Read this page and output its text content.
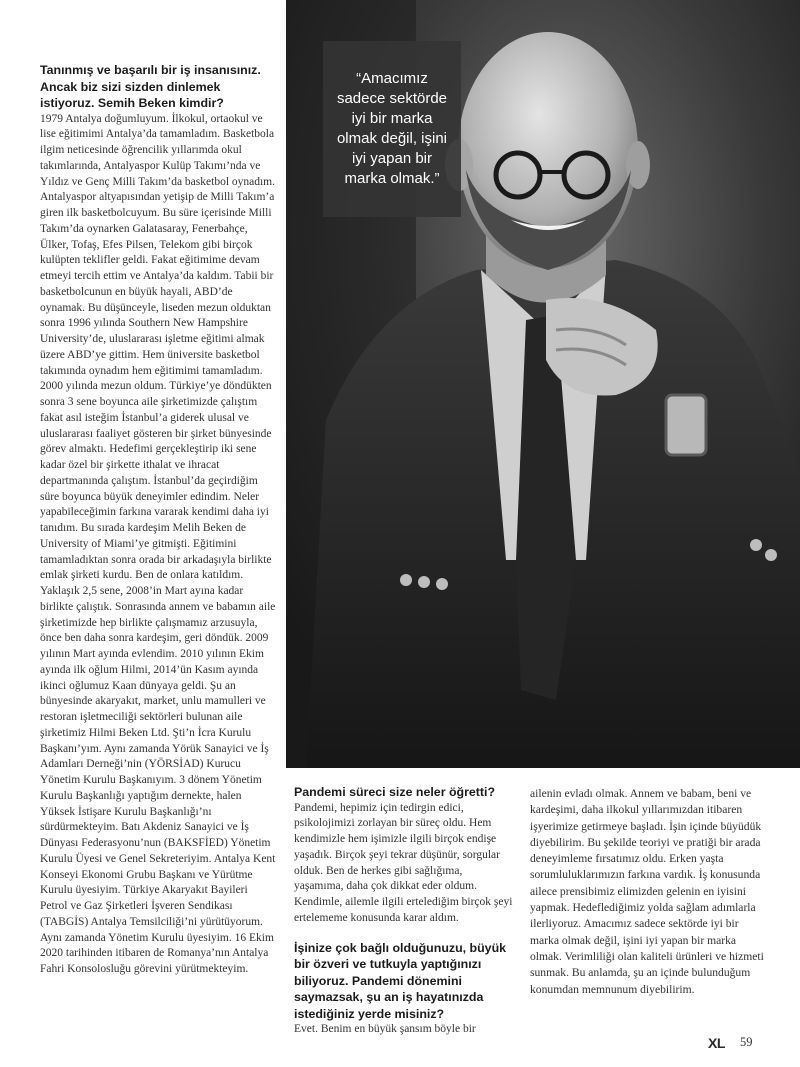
“Amacımız sadece sektörde iyi bir marka olmak değil, işini iyi yapan bir marka olmak.”
Tanınmış ve başarılı bir iş insanısınız. Ancak biz sizi sizden dinlemek istiyoruz. Semih Beken kimdir?
1979 Antalya doğumluyum. İlkokul, ortaokul ve lise eğitimimi Antalya’da tamamladım. Basketbola ilgim neticesinde öğrencilik yıllarımda okul takımlarında, Antalyaspor Kulüp Takımı’nda ve Yıldız ve Genç Milli Takım’da basketbol oynadım. Antalyaspor altyapısından yetişip de Milli Takım’a giren ilk basketbolcuyum. Bu süre içerisinde Milli Takım’da oynarken Galatasaray, Fenerbahçe, Ülker, Tofaş, Efes Pilsen, Telekom gibi birçok kulüpten teklifler geldi. Fakat eğitimime devam etmeyi tercih ettim ve Antalya’da kaldım. Tabii bir basketbolcunun en büyük hayali, ABD’de oynamak. Bu düşünceyle, liseden mezun olduktan sonra 1996 yılında Southern New Hampshire University’de, uluslararası işletme eğitimi almak üzere ABD’ye gittim. Hem üniversite basketbol takımında oynadım hem eğitimimi tamamladım. 2000 yılında mezun oldum. Türkiye’ye döndükten sonra 3 sene boyunca aile şirketimizde çalıştım fakat asıl isteğim İstanbul’a giderek ulusal ve uluslararası faaliyet gösteren bir şirket bünyesinde görev almaktı. Hedefimi gerçekleştirip iki sene kadar özel bir şirkette ithalat ve ihracat departmanında çalıştım. İstanbul’da geçirdiğim süre boyunca büyük deneyimler edindim. Neler yapabileceğimin farkına vararak kendimi daha iyi tanıdım. Bu sırada kardeşim Melih Beken de University of Miami’ye gitmişti. Eğitimini tamamladıktan sonra orada bir arkadaşıyla birlikte emlak şirketi kurdu. Ben de onlara katıldım. Yaklaşık 2,5 sene, 2008’in Mart ayına kadar birlikte çalıştık. Sonrasında annem ve babamın aile şirketimizde hep birlikte çalışmamız arzusuyla, önce ben daha sonra kardeşim, geri döndük. 2009 yılının Mart ayında evlendim. 2010 yılının Ekim ayında ilk oğlum Hilmi, 2014’ün Kasım ayında ikinci oğlumuz Kaan dünyaya geldi. Şu an bünyesinde akaryakıt, market, unlu mamulleri ve restoran işletmeciliği sektörleri bulunan aile şirketimiz Hilmi Beken Ltd. Şti’n İcra Kurulu Başkanı’yım. Aynı zamanda Yörük Sanayici ve İş Adamları Derneği’nin (YÖRSİAD) Kurucu Yönetim Kurulu Başkanıyım. 3 dönem Yönetim Kurulu Başkanlığı yaptığım dernekte, halen Yüksek İstişare Kurulu Başkanlığı’nı sürdürmekteyim. Batı Akdeniz Sanayici ve İş Dünyası Federasyonu’nun (BAKSFİED) Yönetim Kurulu Üyesi ve Genel Sekreteriyim. Antalya Kent Konseyi Ekonomi Grubu Başkanı ve Yürütme Kurulu üyesiyim. Türkiye Akaryakıt Bayileri Petrol ve Gaz Şirketleri İşveren Sendikası (TABGİS) Antalya Temsilciliği’ni yürütüyorum. Aynı zamanda Yönetim Kurulu üyesiyim. 16 Ekim 2020 tarihinden itibaren de Romanya’nın Antalya Fahri Konsolosluğu görevini yürütmekteyim.
Pandemi süreci size neler öğretti?
Pandemi, hepimiz için tedirgin edici, psikolojimizi zorlayan bir süreç oldu. Hem kendimizle hem işimizle ilgili birçok endişe yaşadık. Birçok şeyi tekrar düşünür, sorgular olduk. Ben de herkes gibi sağlığıma, yaşamıma, daha çok dikkat eder oldum. Kendimle, ailemle ilgili ertelediğim birçok şeyi ertelememe konusunda karar aldım.
İşinize çok bağlı olduğunuzu, büyük bir özveri ve tutkuyla yaptığınızı biliyoruz. Pandemi dönemini saymazsak, şu an iş hayatınızda istediğiniz yerde misiniz?
Evet. Benim en büyük şansım böyle bir
ailenin evladı olmak. Annem ve babam, beni ve kardeşimi, daha ilkokul yıllarımızdan itibaren işyerimize getirmeye başladı. İşin içinde büyüdük diyebilirim. Bu şekilde teoriyi ve pratiği bir arada deneyimleme fırsatımız oldu. Erken yaşta sorumluluklarımızın farkına vardık. İş konusunda ailece prensibimiz elimizden gelenin en iyisini yapmak. Hedeflediğimiz yolda sağlam adımlarla ilerliyoruz. Amacımız sadece sektörde iyi bir marka olmak değil, işini iyi yapan bir marka olmak. Verimliliği olan kaliteli ürünleri ve hizmeti sunmak. Bu anlamda, şu an içinde bulunduğum konumdan memnunum diyebilirim.
XL 59
